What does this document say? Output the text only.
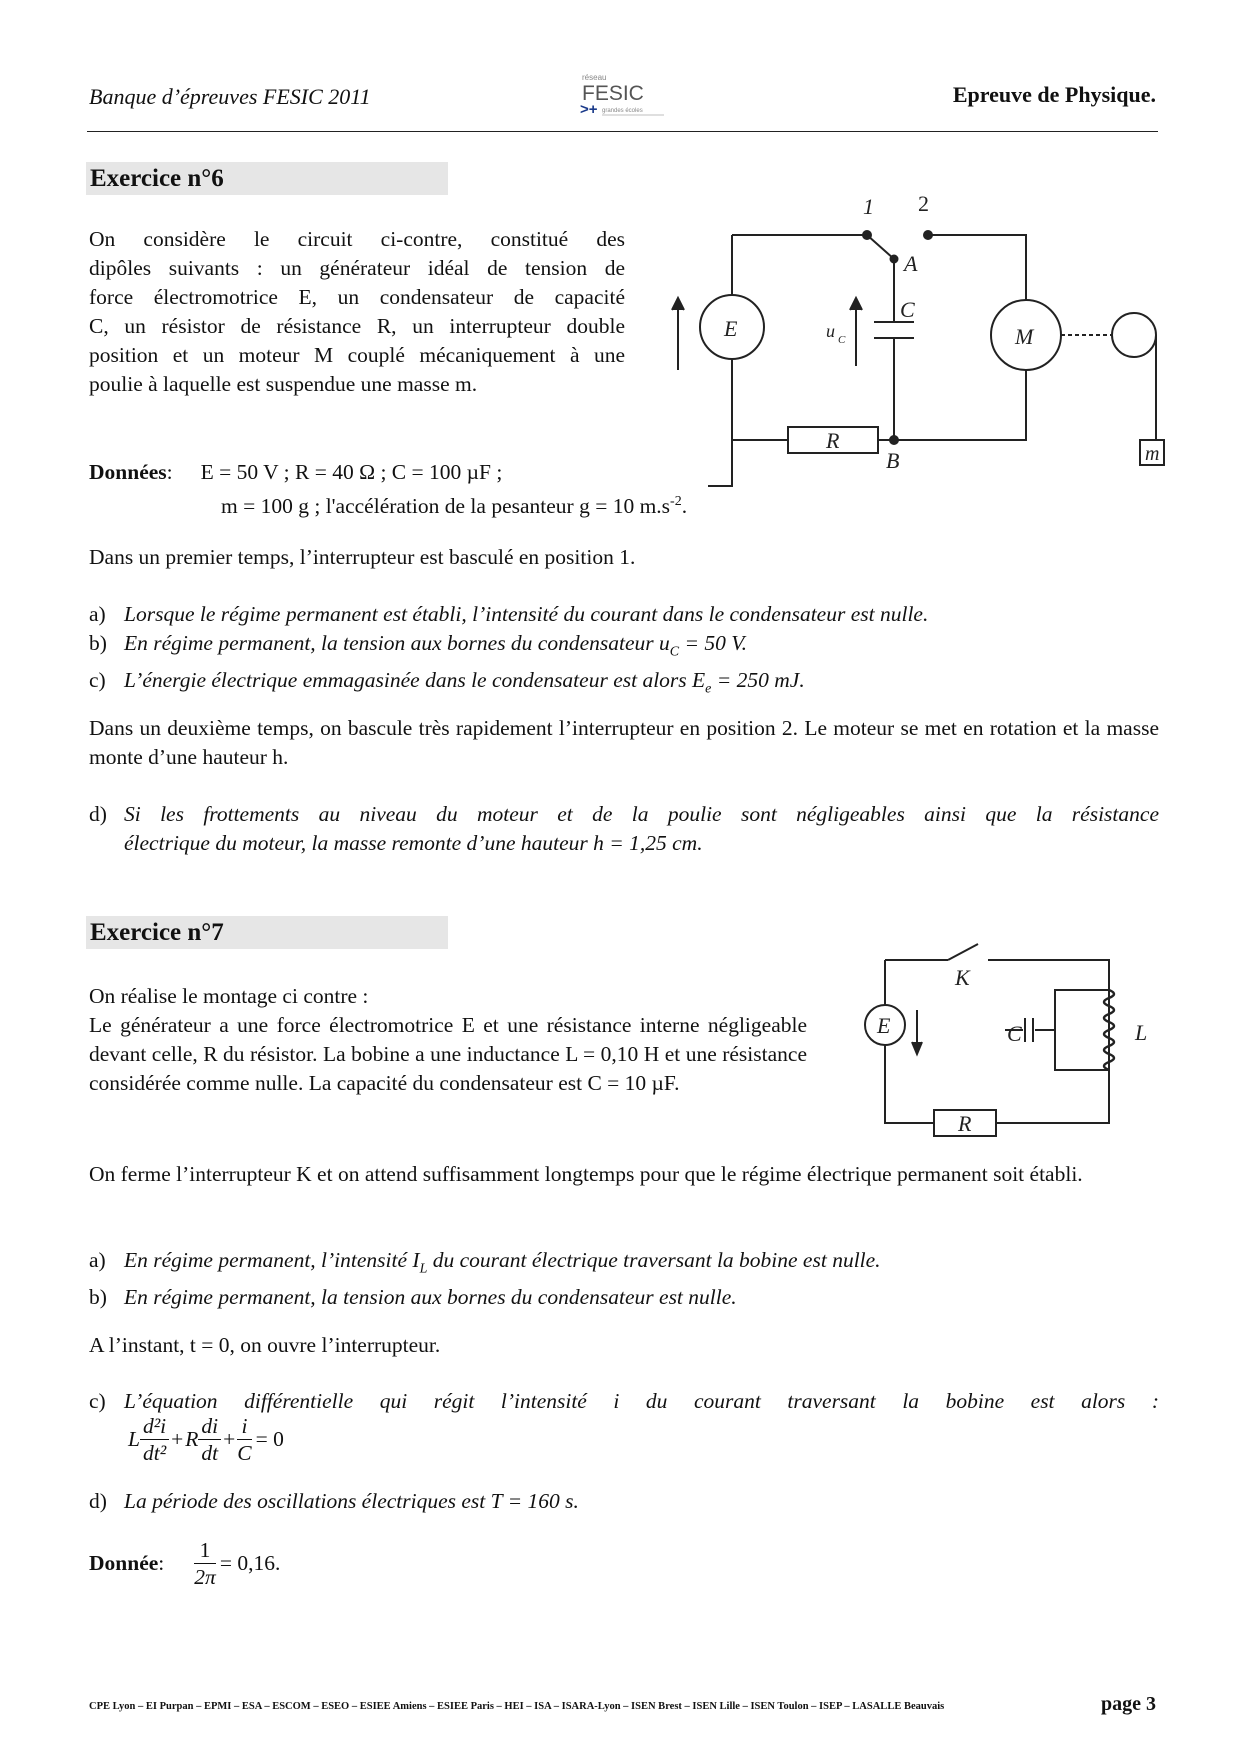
Banque d’épreuves FESIC 2011
réseau
FESIC
>+ grandes écoles
Epreuve de Physique.
Exercice n°6

On considère le circuit ci-contre, constitué des

dipôles suivants : un générateur idéal de tension de

force électromotrice E, un condensateur de capacité

C, un résistor de résistance R, un interrupteur double

position et un moteur M couplé mécaniquement à une

poulie à laquelle est suspendue une masse m.

1 2
A
C
E	M
R
B	m
u C
Données: E = 50 V ; R = 40 Ω ; C = 100 µF ;
m = 100 g ; l'accélération de la pesanteur g = 10 $m.s^{-2}$.

Dans un premier temps, l’interrupteur est basculé en position 1.

a) Lorsque le régime permanent est établi, l’intensité du courant dans le condensateur est nulle.
b) En régime permanent, la tension aux bornes du condensateur $u_C = 50$ V.
c) L’énergie électrique emmagasinée dans le condensateur est alors $E_e = 250$ mJ.

Dans un deuxième temps, on bascule très rapidement l’interrupteur en position 2. Le moteur se met en rotation et la masse monte d’une hauteur h.

d) Si les frottements au niveau du moteur et de la poulie sont négligeables ainsi que la résistance
électrique du moteur, la masse remonte d’une hauteur h = 1,25 cm.
Exercice n°7

On réalise le montage ci contre :

Le générateur a une force électromotrice E et une résistance interne négligeable devant celle, R du résistor. La bobine a une inductance L = 0,10 H et une résistance considérée comme nulle. La capacité du condensateur est C = 10 µF.

K
E	C	L
R

On ferme l’interrupteur K et on attend suffisamment longtemps pour que le régime électrique permanent soit établi.

a) En régime permanent, l’intensité $I_L$ du courant électrique traversant la bobine est nulle.
b) En régime permanent, la tension aux bornes du condensateur est nulle.

A l’instant, t = 0, on ouvre l’interrupteur.

c) L’équation différentielle qui régit l’intensité i du courant traversant la bobine est alors :
L $\frac{\text{d²i}}{\text{dt²}} + R \frac{di}{dt} + \frac{i}{C} = 0$
d) La période des oscillations électriques est T = 160 s.
Donnée :	$\frac{1}{2\pi} = 0,16$.
CPE Lyon – EI Purpan – EPMI – ESA – ESCOM – ESEO – ESIEE Amiens – ESIEE Paris – HEI – ISA – ISARA-Lyon – ISEN Brest – ISEN Lille – ISEN Toulon – ISEP – LASALLE Beauvais	page 3
